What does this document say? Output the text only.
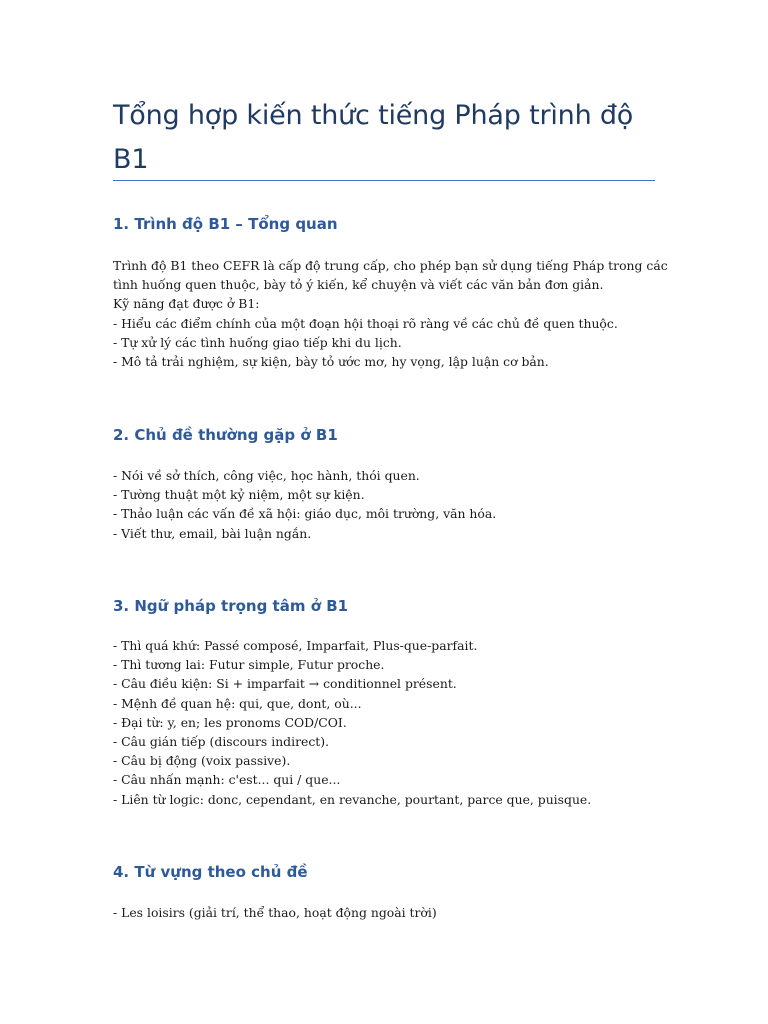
Tổng hợp kiến thức tiếng Pháp trình độ B1
1. Trình độ B1 – Tổng quan
Trình độ B1 theo CEFR là cấp độ trung cấp, cho phép bạn sử dụng tiếng Pháp trong các
tình huống quen thuộc, bày tỏ ý kiến, kể chuyện và viết các văn bản đơn giản.
Kỹ năng đạt được ở B1:
- Hiểu các điểm chính của một đoạn hội thoại rõ ràng về các chủ đề quen thuộc.
- Tự xử lý các tình huống giao tiếp khi du lịch.
- Mô tả trải nghiệm, sự kiện, bày tỏ ước mơ, hy vọng, lập luận cơ bản.
2. Chủ đề thường gặp ở B1
- Nói về sở thích, công việc, học hành, thói quen.
- Tường thuật một kỷ niệm, một sự kiện.
- Thảo luận các vấn đề xã hội: giáo dục, môi trường, văn hóa.
- Viết thư, email, bài luận ngắn.
3. Ngữ pháp trọng tâm ở B1
- Thì quá khứ: Passé composé, Imparfait, Plus-que-parfait.
- Thì tương lai: Futur simple, Futur proche.
- Câu điều kiện: Si + imparfait → conditionnel présent.
- Mệnh đề quan hệ: qui, que, dont, où...
- Đại từ: y, en; les pronoms COD/COI.
- Câu gián tiếp (discours indirect).
- Câu bị động (voix passive).
- Câu nhấn mạnh: c'est... qui / que...
- Liên từ logic: donc, cependant, en revanche, pourtant, parce que, puisque.
4. Từ vựng theo chủ đề
- Les loisirs (giải trí, thể thao, hoạt động ngoài trời)
